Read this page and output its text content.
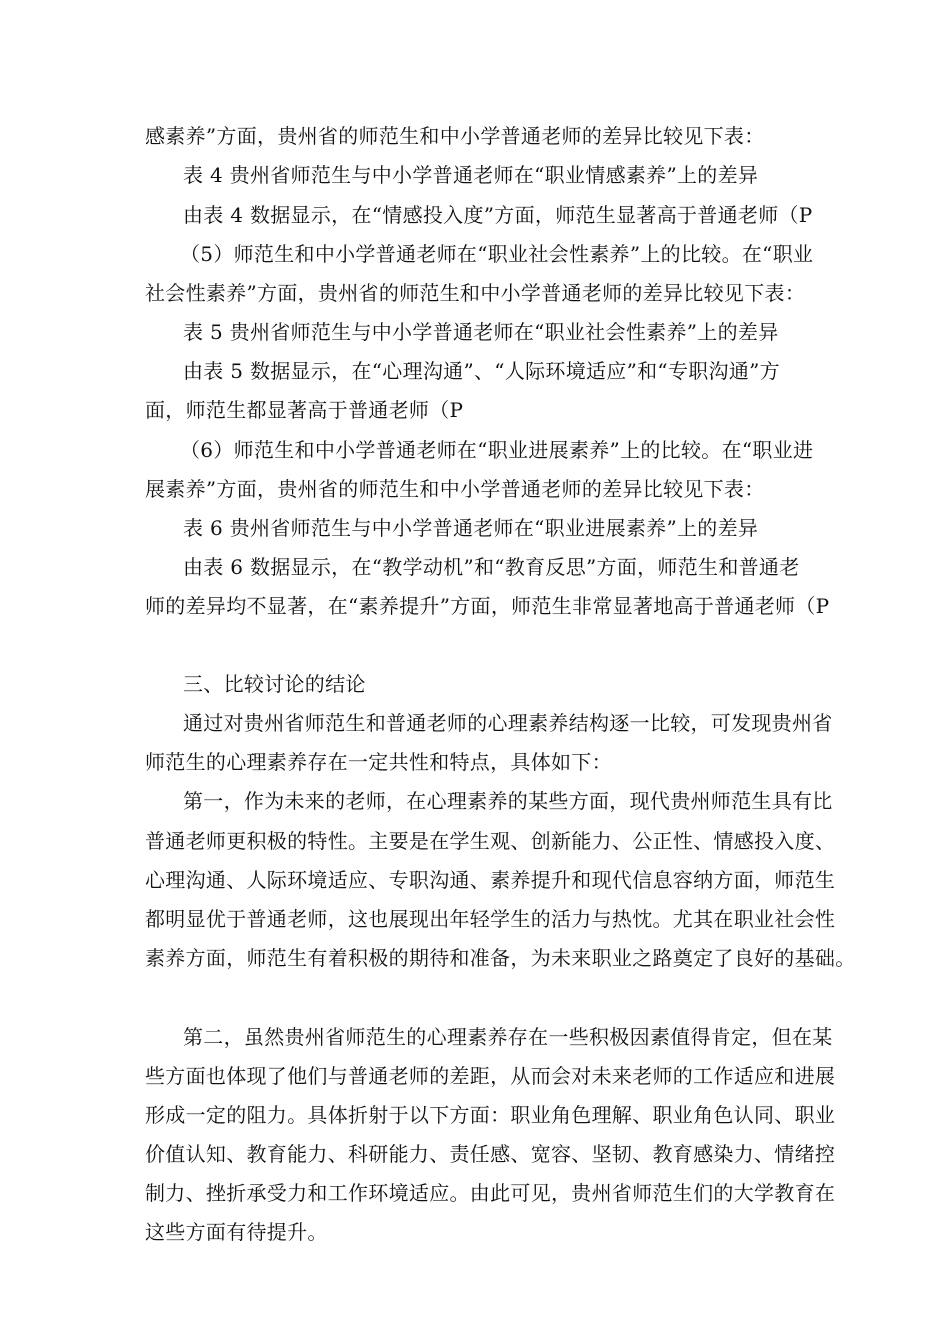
感素养”方面，贵州省的师范生和中小学普通老师的差异比较见下表：
表 4 贵州省师范生与中小学普通老师在“职业情感素养”上的差异
由表 4 数据显示，在“情感投入度”方面，师范生显著高于普通老师（P
（5）师范生和中小学普通老师在“职业社会性素养”上的比较。在“职业
社会性素养”方面，贵州省的师范生和中小学普通老师的差异比较见下表：
表 5 贵州省师范生与中小学普通老师在“职业社会性素养”上的差异
由表 5 数据显示，在“心理沟通”、“人际环境适应”和“专职沟通”方
面，师范生都显著高于普通老师（P
（6）师范生和中小学普通老师在“职业进展素养”上的比较。在“职业进
展素养”方面，贵州省的师范生和中小学普通老师的差异比较见下表：
表 6 贵州省师范生与中小学普通老师在“职业进展素养”上的差异
由表 6 数据显示，在“教学动机”和“教育反思”方面，师范生和普通老
师的差异均不显著，在“素养提升”方面，师范生非常显著地高于普通老师（P
三、比较讨论的结论
通过对贵州省师范生和普通老师的心理素养结构逐一比较，可发现贵州省
师范生的心理素养存在一定共性和特点，具体如下：
第一，作为未来的老师，在心理素养的某些方面，现代贵州师范生具有比
普通老师更积极的特性。主要是在学生观、创新能力、公正性、情感投入度、
心理沟通、人际环境适应、专职沟通、素养提升和现代信息容纳方面，师范生
都明显优于普通老师，这也展现出年轻学生的活力与热忱。尤其在职业社会性
素养方面，师范生有着积极的期待和准备，为未来职业之路奠定了良好的基础。
第二，虽然贵州省师范生的心理素养存在一些积极因素值得肯定，但在某
些方面也体现了他们与普通老师的差距，从而会对未来老师的工作适应和进展
形成一定的阻力。具体折射于以下方面：职业角色理解、职业角色认同、职业
价值认知、教育能力、科研能力、责任感、宽容、坚韧、教育感染力、情绪控
制力、挫折承受力和工作环境适应。由此可见，贵州省师范生们的大学教育在
这些方面有待提升。
